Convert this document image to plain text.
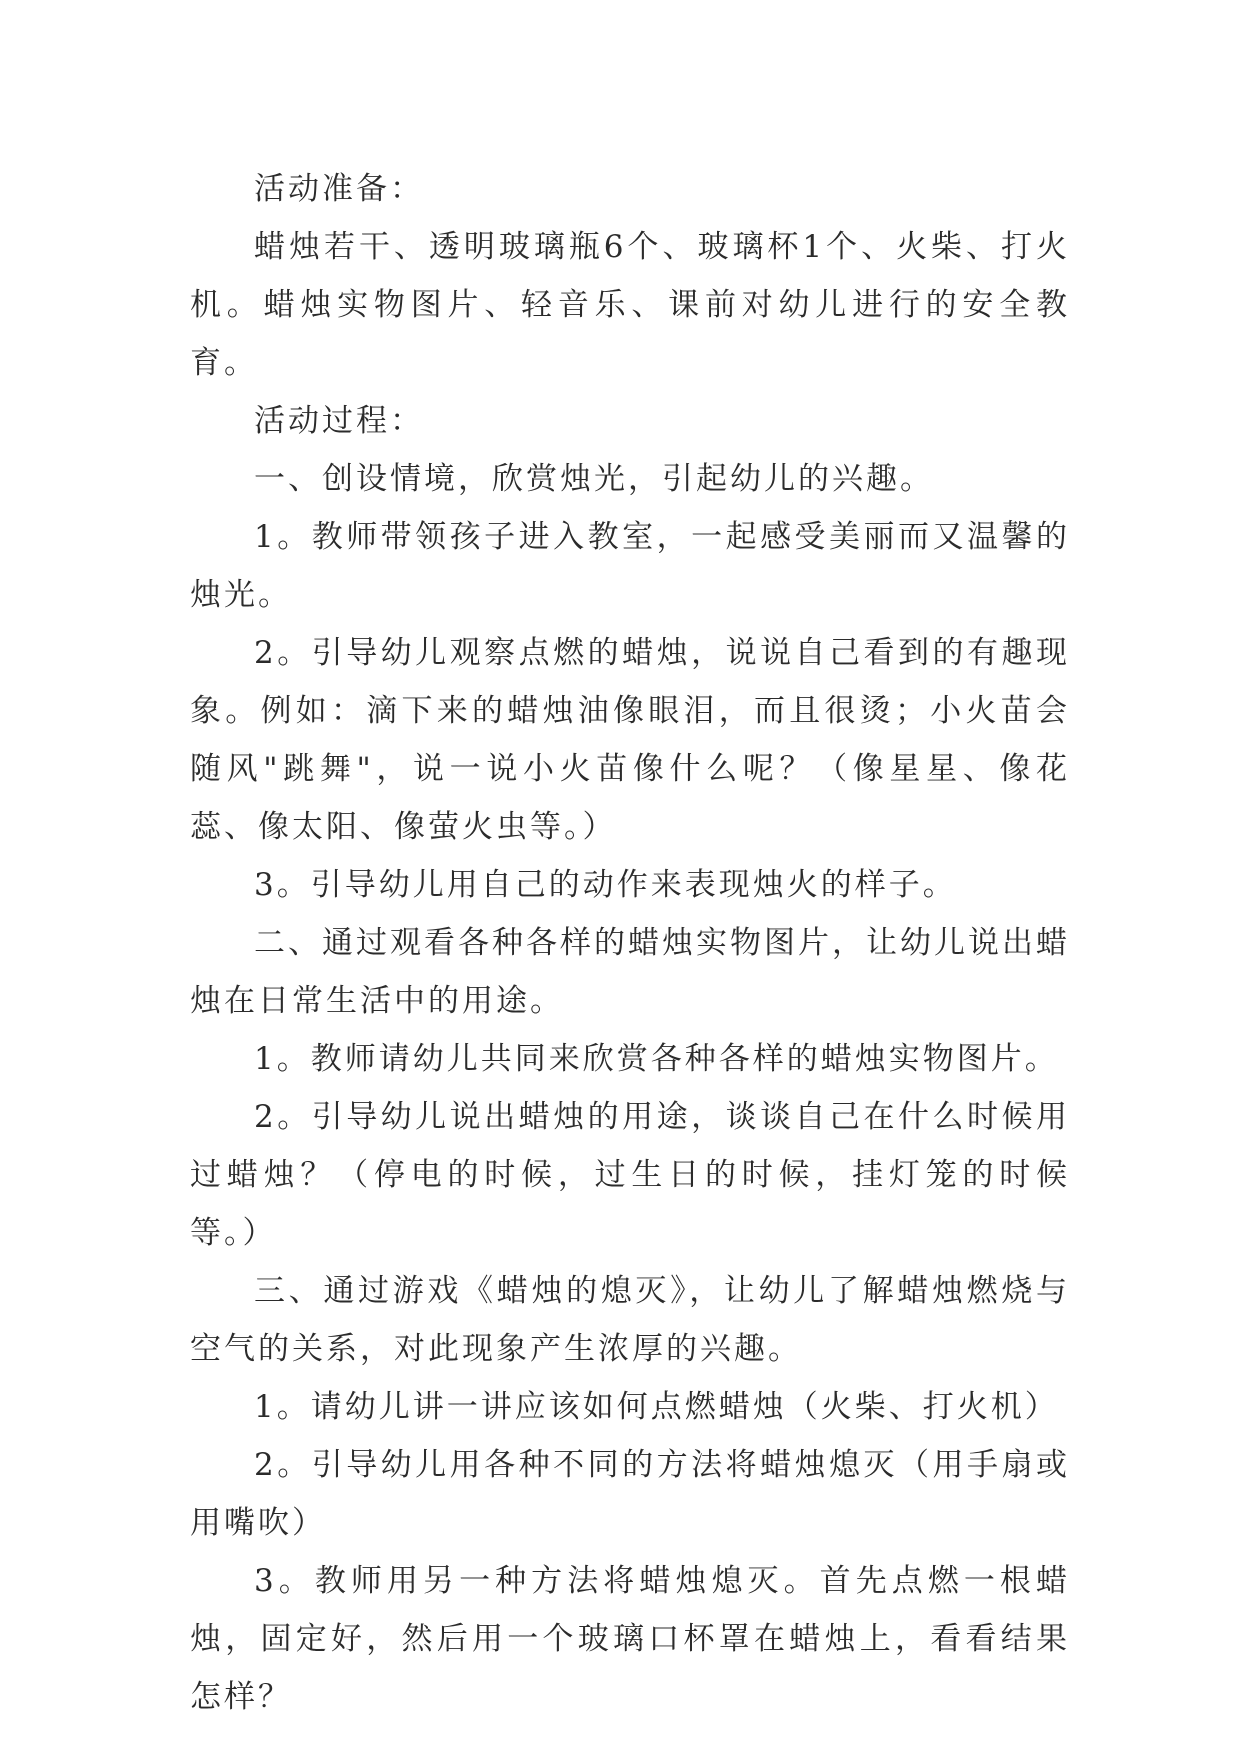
活动准备：

蜡烛若干、透明玻璃瓶6个、玻璃杯1个、火柴、打火机。蜡烛实物图片、轻音乐、课前对幼儿进行的安全教育。

活动过程：

一、创设情境，欣赏烛光，引起幼儿的兴趣。

1。教师带领孩子进入教室，一起感受美丽而又温馨的烛光。

2。引导幼儿观察点燃的蜡烛，说说自己看到的有趣现象。例如：滴下来的蜡烛油像眼泪，而且很烫；小火苗会随风"跳舞"，说一说小火苗像什么呢？（像星星、像花蕊、像太阳、像萤火虫等。）

3。引导幼儿用自己的动作来表现烛火的样子。

二、通过观看各种各样的蜡烛实物图片，让幼儿说出蜡烛在日常生活中的用途。

1。教师请幼儿共同来欣赏各种各样的蜡烛实物图片。

2。引导幼儿说出蜡烛的用途，谈谈自己在什么时候用过蜡烛？（停电的时候，过生日的时候，挂灯笼的时候等。）

三、通过游戏《蜡烛的熄灭》，让幼儿了解蜡烛燃烧与空气的关系，对此现象产生浓厚的兴趣。

1。请幼儿讲一讲应该如何点燃蜡烛（火柴、打火机）

2。引导幼儿用各种不同的方法将蜡烛熄灭（用手扇或用嘴吹）

3。教师用另一种方法将蜡烛熄灭。首先点燃一根蜡烛，固定好，然后用一个玻璃口杯罩在蜡烛上，看看结果怎样？
